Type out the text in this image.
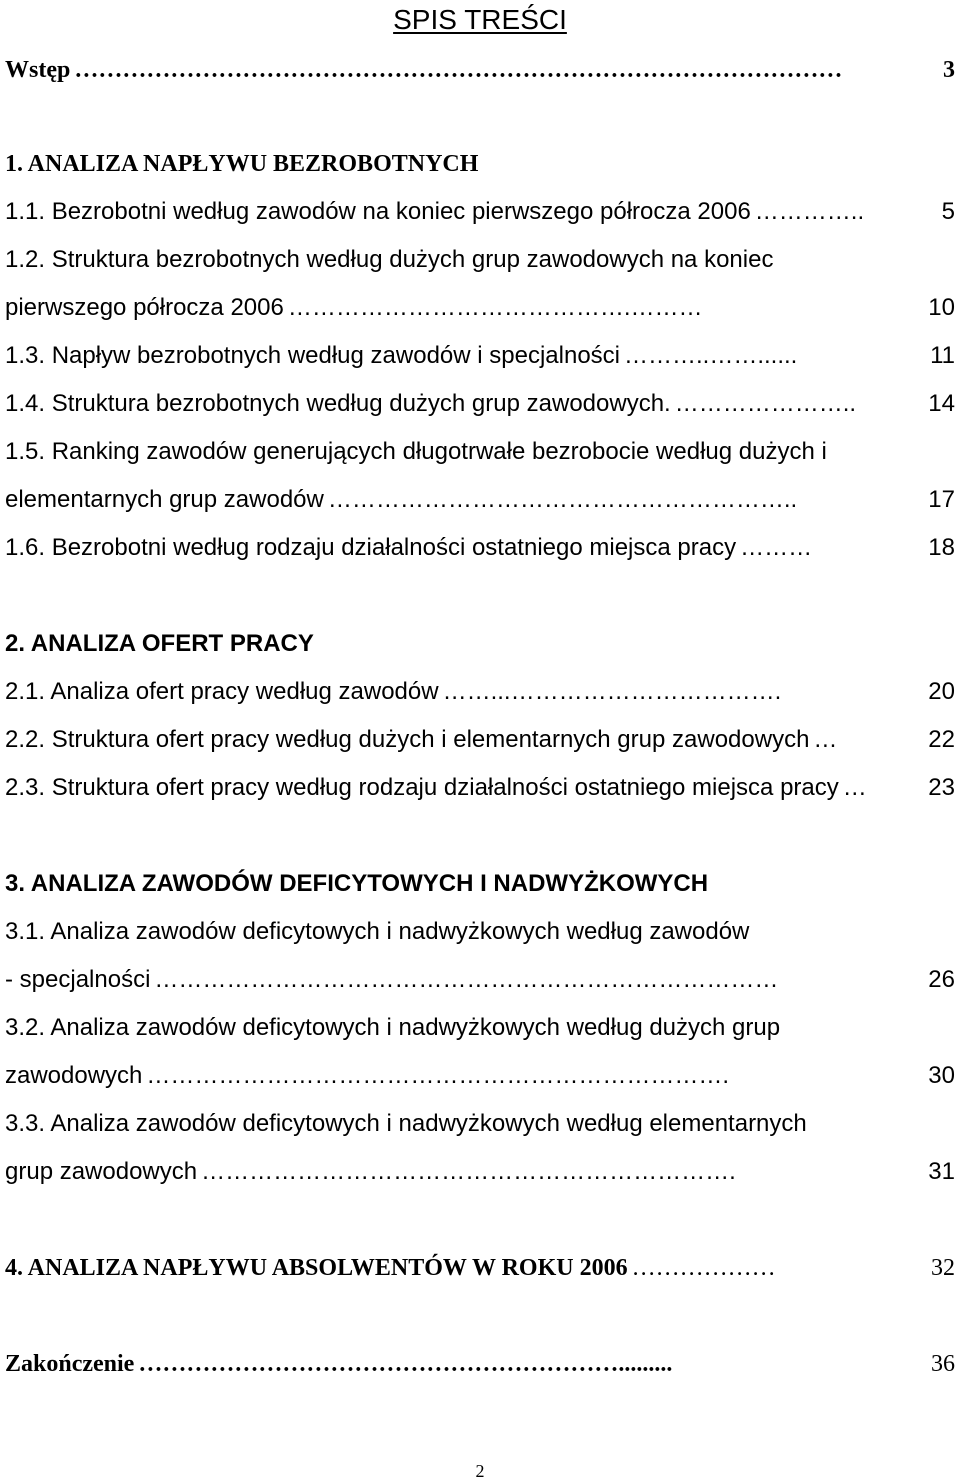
SPIS TREŚCI
Wstęp ……………………………………………………………………………………	3
1. ANALIZA NAPŁYWU BEZROBOTNYCH
1.1. Bezrobotni według zawodów na koniec pierwszego półrocza 2006 …………..	5
1.2. Struktura bezrobotnych według dużych grup zawodowych na koniec
pierwszego półrocza 2006 …………………………………….………	10
1.3. Napływ bezrobotnych według zawodów i specjalności ………..……......	11
1.4. Struktura bezrobotnych według dużych grup zawodowych. …………………..	14
1.5. Ranking zawodów generujących długotrwałe bezrobocie według dużych i
elementarnych grup zawodów …………………………………………………..	17
1.6. Bezrobotni według rodzaju działalności ostatniego miejsca pracy ………	18
2. ANALIZA OFERT PRACY
2.1. Analiza ofert pracy według zawodów ……...…………………………….	20
2.2. Struktura ofert pracy według dużych i elementarnych grup zawodowych …	22
2.3. Struktura ofert pracy według rodzaju działalności ostatniego miejsca pracy …	23
3. ANALIZA ZAWODÓW DEFICYTOWYCH I NADWYŻKOWYCH
3.1. Analiza zawodów deficytowych i nadwyżkowych według zawodów
- specjalności ……………………………………………………………………	26
3.2. Analiza zawodów deficytowych i nadwyżkowych według dużych grup
zawodowych ……………………………………………………………….	30
3.3. Analiza zawodów deficytowych i nadwyżkowych według elementarnych
grup zawodowych ………………………………………………………….	31
4. ANALIZA NAPŁYWU ABSOLWENTÓW W ROKU 2006 ………………	32
Zakończenie …………………………………………………….........	36
2
